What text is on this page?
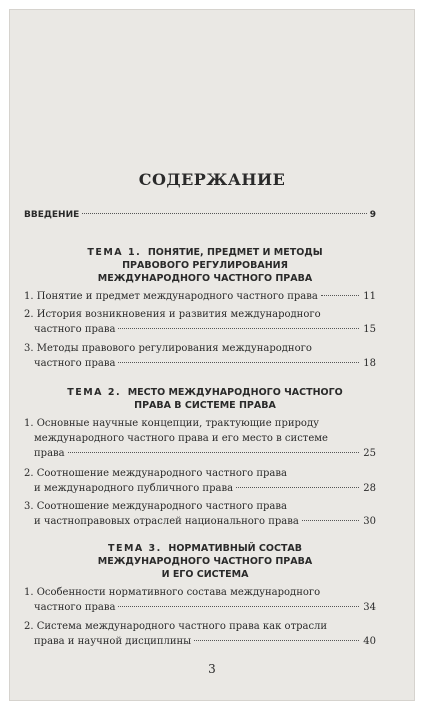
СОДЕРЖАНИЕ
ВВЕДЕНИЕ	9
ТЕМА 1. ПОНЯТИЕ, ПРЕДМЕТ И МЕТОДЫ
ПРАВОВОГО РЕГУЛИРОВАНИЯ
МЕЖДУНАРОДНОГО ЧАСТНОГО ПРАВА
1. Понятие и предмет международного частного права	11
2. История возникновения и развития международного
частного права	15
3. Методы правового регулирования международного
частного права	18
ТЕМА 2. МЕСТО МЕЖДУНАРОДНОГО ЧАСТНОГО
ПРАВА В СИСТЕМЕ ПРАВА
1. Основные научные концепции, трактующие природу
международного частного права и его место в системе
права	25
2. Соотношение международного частного права
и международного публичного права	28
3. Соотношение международного частного права
и частноправовых отраслей национального права	30
ТЕМА 3. НОРМАТИВНЫЙ СОСТАВ
МЕЖДУНАРОДНОГО ЧАСТНОГО ПРАВА
И ЕГО СИСТЕМА
1. Особенности нормативного состава международного
частного права	34
2. Система международного частного права как отрасли
права и научной дисциплины	40
3
